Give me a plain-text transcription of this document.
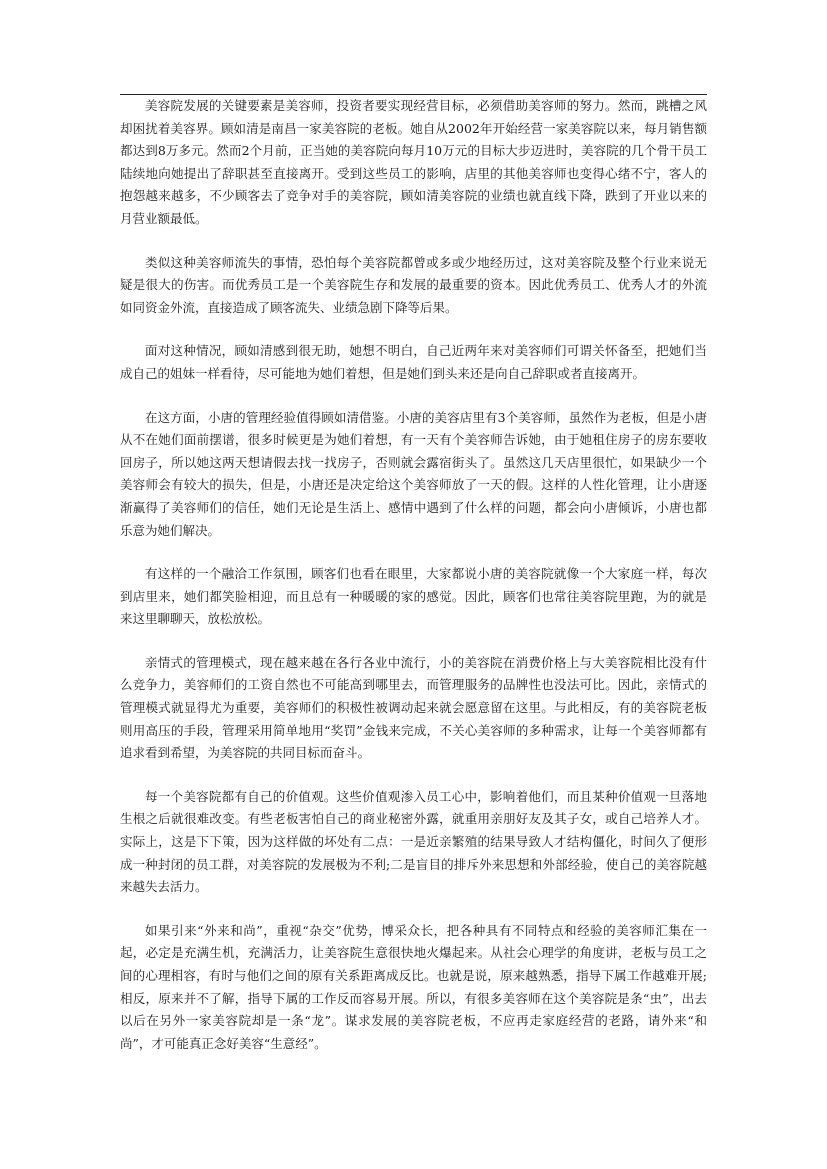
美容院发展的关键要素是美容师，投资者要实现经营目标，必须借助美容师的努力。然而，跳槽之风却困扰着美容界。顾如清是南昌一家美容院的老板。她自从2002年开始经营一家美容院以来，每月销售额都达到8万多元。然而2个月前，正当她的美容院向每月10万元的目标大步迈进时，美容院的几个骨干员工陆续地向她提出了辞职甚至直接离开。受到这些员工的影响，店里的其他美容师也变得心绪不宁，客人的抱怨越来越多，不少顾客去了竞争对手的美容院，顾如清美容院的业绩也就直线下降，跌到了开业以来的月营业额最低。

类似这种美容师流失的事情，恐怕每个美容院都曾或多或少地经历过，这对美容院及整个行业来说无疑是很大的伤害。而优秀员工是一个美容院生存和发展的最重要的资本。因此优秀员工、优秀人才的外流如同资金外流，直接造成了顾客流失、业绩急剧下降等后果。

面对这种情况，顾如清感到很无助，她想不明白，自己近两年来对美容师们可谓关怀备至，把她们当成自己的姐妹一样看待，尽可能地为她们着想，但是她们到头来还是向自己辞职或者直接离开。

在这方面，小唐的管理经验值得顾如清借鉴。小唐的美容店里有3个美容师，虽然作为老板，但是小唐从不在她们面前摆谱，很多时候更是为她们着想，有一天有个美容师告诉她，由于她租住房子的房东要收回房子，所以她这两天想请假去找一找房子，否则就会露宿街头了。虽然这几天店里很忙，如果缺少一个美容师会有较大的损失，但是，小唐还是决定给这个美容师放了一天的假。这样的人性化管理，让小唐逐渐赢得了美容师们的信任，她们无论是生活上、感情中遇到了什么样的问题，都会向小唐倾诉，小唐也都乐意为她们解决。

有这样的一个融洽工作氛围，顾客们也看在眼里，大家都说小唐的美容院就像一个大家庭一样，每次到店里来，她们都笑脸相迎，而且总有一种暖暖的家的感觉。因此，顾客们也常往美容院里跑，为的就是来这里聊聊天，放松放松。

亲情式的管理模式，现在越来越在各行各业中流行，小的美容院在消费价格上与大美容院相比没有什么竞争力，美容师们的工资自然也不可能高到哪里去，而管理服务的品牌性也没法可比。因此，亲情式的管理模式就显得尤为重要，美容师们的积极性被调动起来就会愿意留在这里。与此相反，有的美容院老板则用高压的手段，管理采用简单地用“奖罚”金钱来完成，不关心美容师的多种需求，让每一个美容师都有追求看到希望，为美容院的共同目标而奋斗。

每一个美容院都有自己的价值观。这些价值观渗入员工心中，影响着他们，而且某种价值观一旦落地生根之后就很难改变。有些老板害怕自己的商业秘密外露，就重用亲朋好友及其子女，或自己培养人才。实际上，这是下下策，因为这样做的坏处有二点：一是近亲繁殖的结果导致人才结构僵化，时间久了便形成一种封闭的员工群，对美容院的发展极为不利;二是盲目的排斥外来思想和外部经验，使自己的美容院越来越失去活力。

如果引来“外来和尚”，重视“杂交”优势，博采众长，把各种具有不同特点和经验的美容师汇集在一起，必定是充满生机，充满活力，让美容院生意很快地火爆起来。从社会心理学的角度讲，老板与员工之间的心理相容，有时与他们之间的原有关系距离成反比。也就是说，原来越熟悉，指导下属工作越难开展;相反，原来并不了解，指导下属的工作反而容易开展。所以，有很多美容师在这个美容院是条“虫”，出去以后在另外一家美容院却是一条“龙”。谋求发展的美容院老板，不应再走家庭经营的老路，请外来“和尚”，才可能真正念好美容“生意经”。
